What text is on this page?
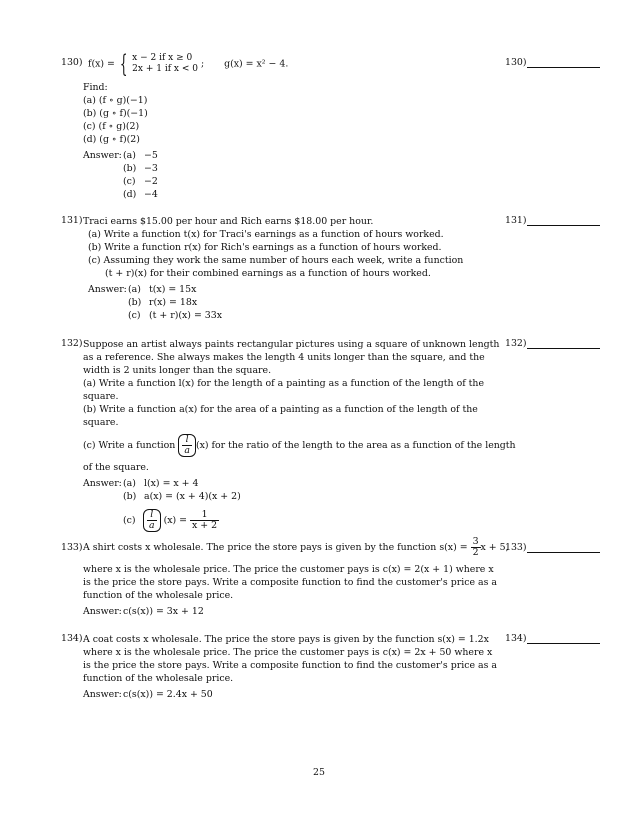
130) f(x) = { x − 2 if x ≥ 0
2x + 1 if x < 0 ; g(x) = x² − 4.
Find:
(a) (f ∘ g)(−1)
(b) (g ∘ f)(−1)
(c) (f ∘ g)(2)
(d) (g ∘ f)(2)
Answer:(a) −5
(b) −3
(c) −2
(d) −4
130)
131) Traci earns $15.00 per hour and Rich earns $18.00 per hour.
(a) Write a function t(x) for Traci's earnings as a function of hours worked.
(b) Write a function r(x) for Rich's earnings as a function of hours worked.
(c) Assuming they work the same number of hours each week, write a function
(t + r)(x) for their combined earnings as a function of hours worked.
Answer:(a) t(x) = 15x
(b) r(x) = 18x
(c) (t + r)(x) = 33x
131)
132) Suppose an artist always paints rectangular pictures using a square of unknown length as a reference. She always makes the length 4 units longer than the square, and the width is 2 units longer than the square.
(a) Write a function l(x) for the length of a painting as a function of the length of the square.
(b) Write a function a(x) for the area of a painting as a function of the length of the square.
(c) Write a function
$\frac{l}{a} (x)$ for the ratio of the length to the area as a function of the length
of the square.
Answer:(a) l(x) = x + 4
(b) a(x) = (x + 4)(x + 2)
(c)	$\frac{l}{a} (x) = \frac{1}{x + 2}$
132)
133) A shirt costs x wholesale. The price the store pays is given by the function s(x) =
$\frac{3}{2}$ x + 5,
where x is the wholesale price. The price the customer pays is c(x) = 2(x + 1) where x is the price the store pays. Write a composite function to find the customer's price as a function of the wholesale price.
Answer:c(s(x)) = 3x + 12
133)
134) A coat costs x wholesale. The price the store pays is given by the function s(x) = 1.2x where x is the wholesale price. The price the customer pays is c(x) = 2x + 50 where x is the price the store pays. Write a composite function to find the customer's price as a function of the wholesale price.
Answer:c(s(x)) = 2.4x + 50
134)
25
